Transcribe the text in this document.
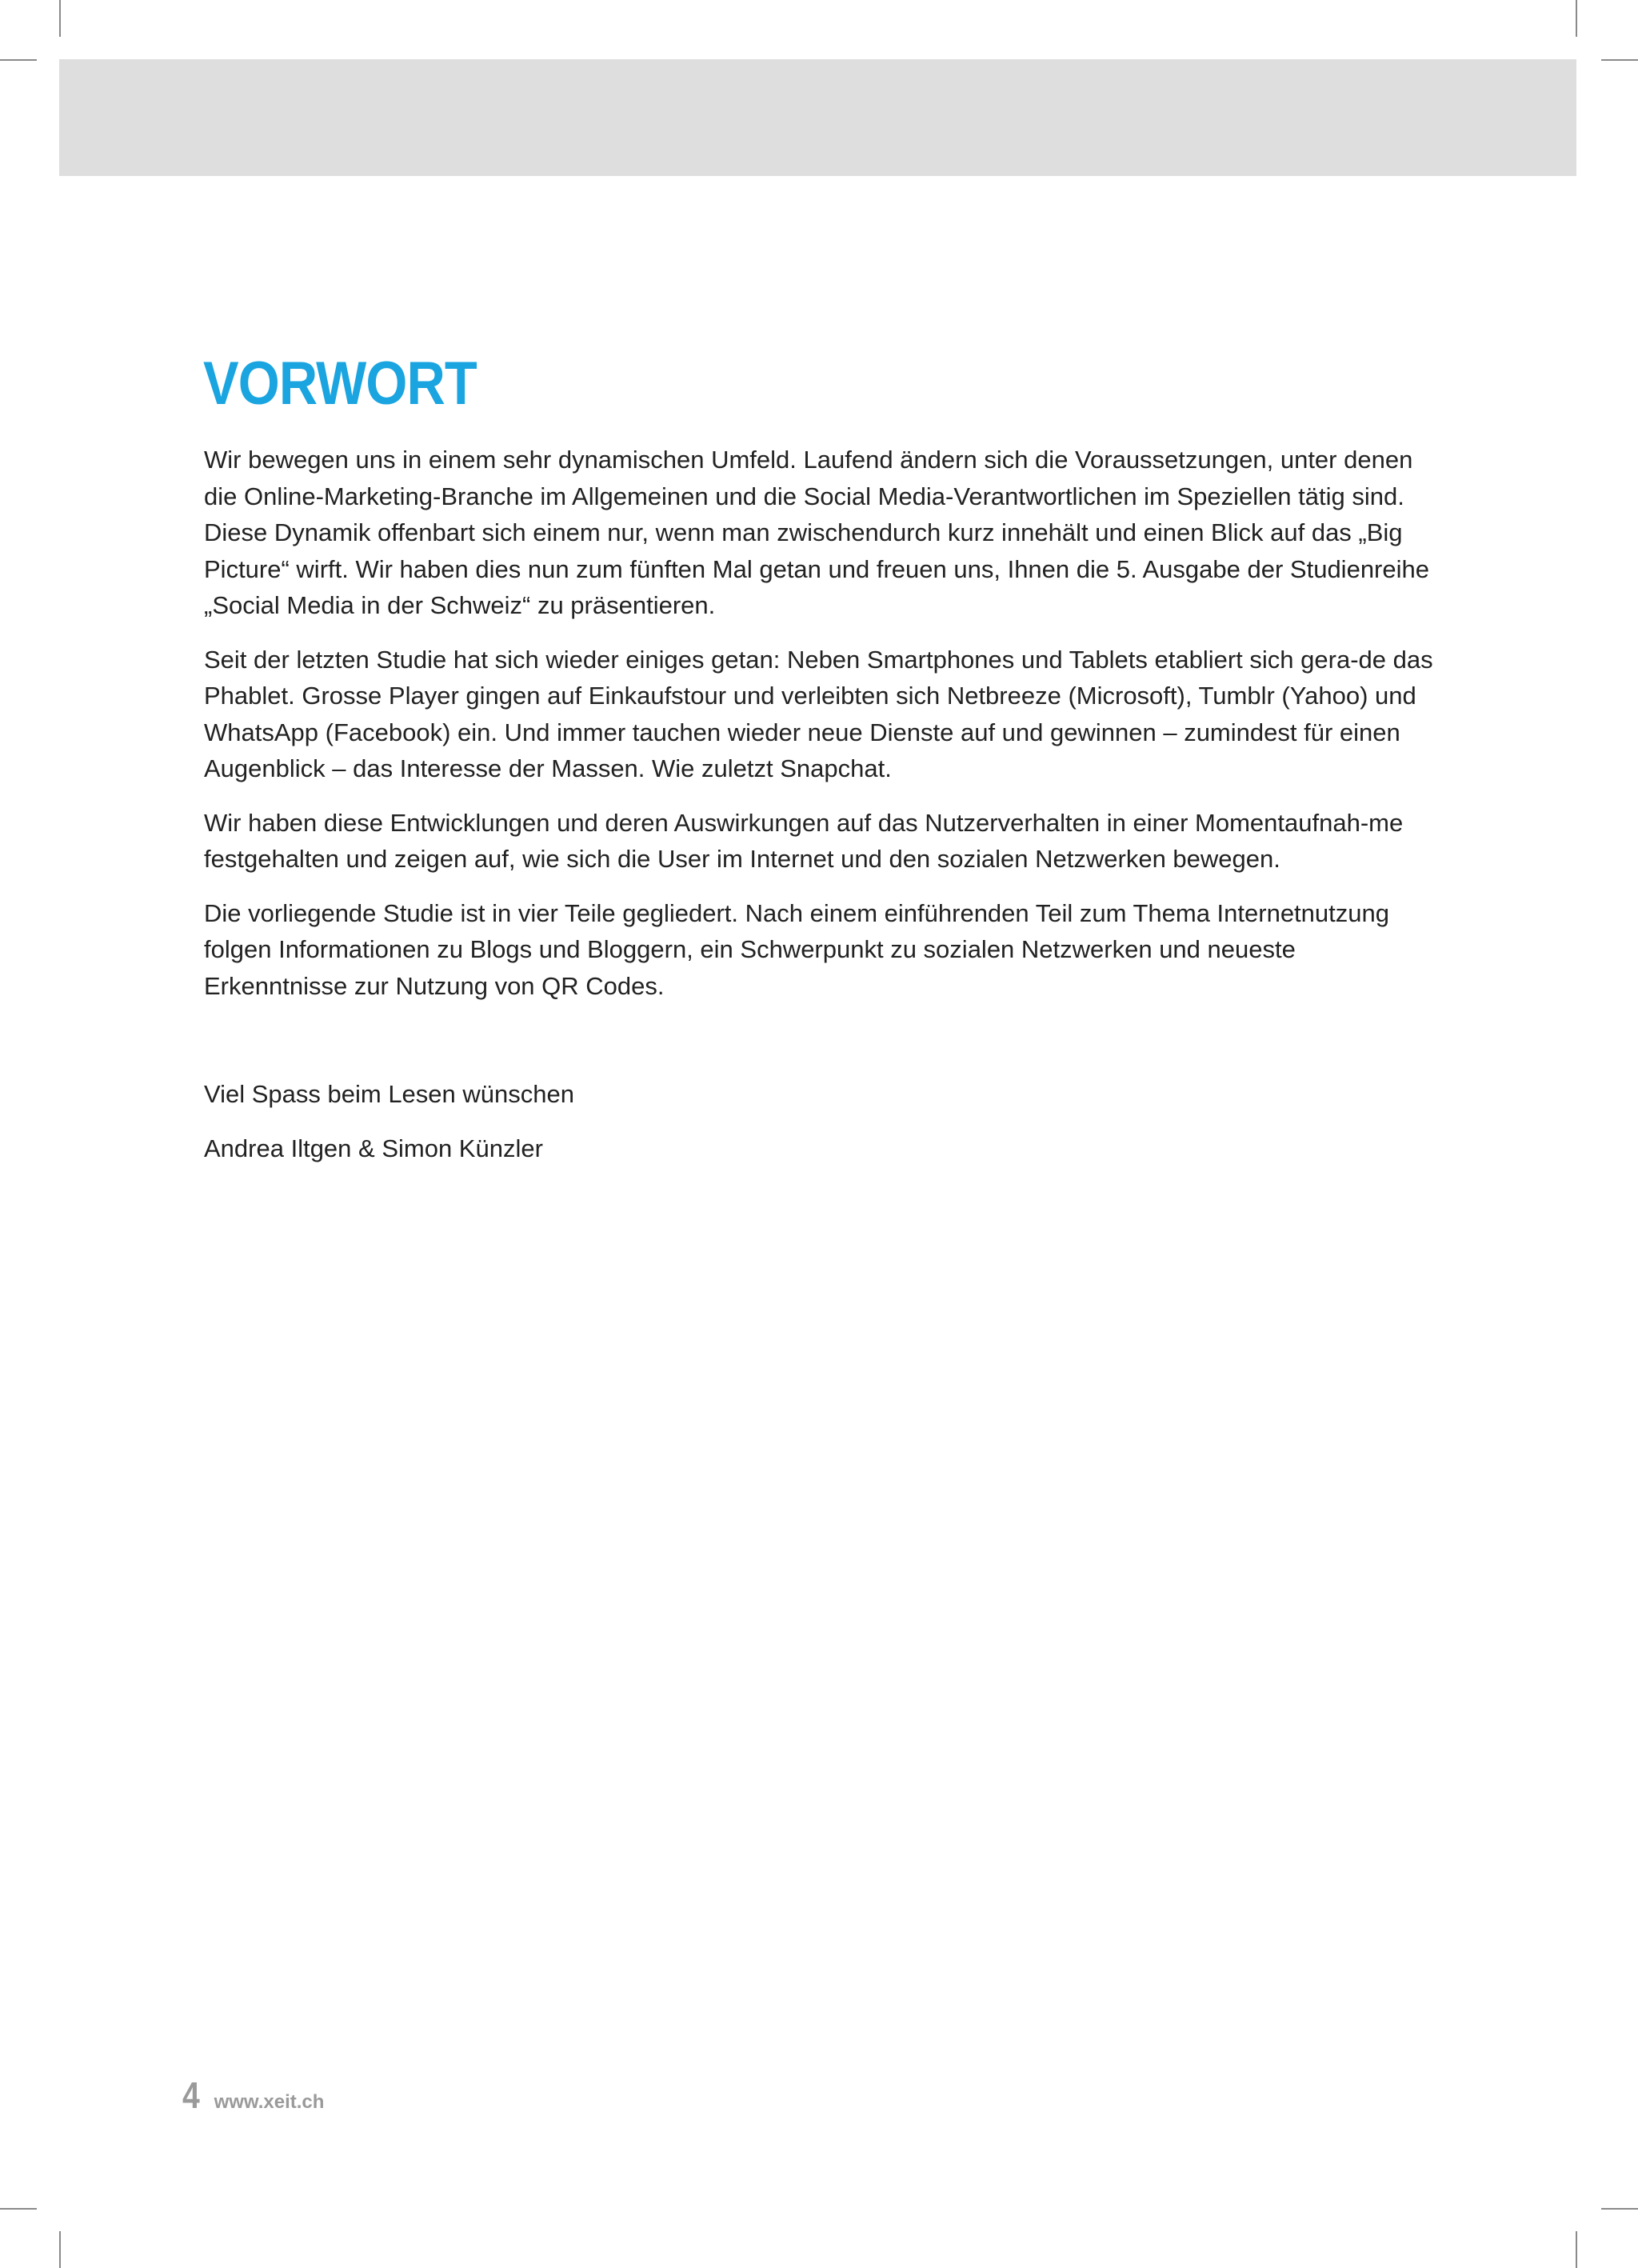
VORWORT

Wir bewegen uns in einem sehr dynamischen Umfeld. Laufend ändern sich die Voraussetzungen, unter denen die Online-Marketing-Branche im Allgemeinen und die Social Media-Verantwortlichen im Speziellen tätig sind. Diese Dynamik offenbart sich einem nur, wenn man zwischendurch kurz innehält und einen Blick auf das „Big Picture“ wirft. Wir haben dies nun zum fünften Mal getan und freuen uns, Ihnen die 5. Ausgabe der Studienreihe „Social Media in der Schweiz“ zu präsentieren.

Seit der letzten Studie hat sich wieder einiges getan: Neben Smartphones und Tablets etabliert sich gera-de das Phablet. Grosse Player gingen auf Einkaufstour und verleibten sich Netbreeze (Microsoft), Tumblr (Yahoo) und WhatsApp (Facebook) ein. Und immer tauchen wieder neue Dienste auf und gewinnen – zumindest für einen Augenblick – das Interesse der Massen. Wie zuletzt Snapchat.

Wir haben diese Entwicklungen und deren Auswirkungen auf das Nutzerverhalten in einer Momentaufnah-me festgehalten und zeigen auf, wie sich die User im Internet und den sozialen Netzwerken bewegen.

Die vorliegende Studie ist in vier Teile gegliedert. Nach einem einführenden Teil zum Thema Internetnutzung folgen Informationen zu Blogs und Bloggern, ein Schwerpunkt zu sozialen Netzwerken und neueste Erkenntnisse zur Nutzung von QR Codes.

Viel Spass beim Lesen wünschen

Andrea Iltgen & Simon Künzler

4 www.xeit.ch
